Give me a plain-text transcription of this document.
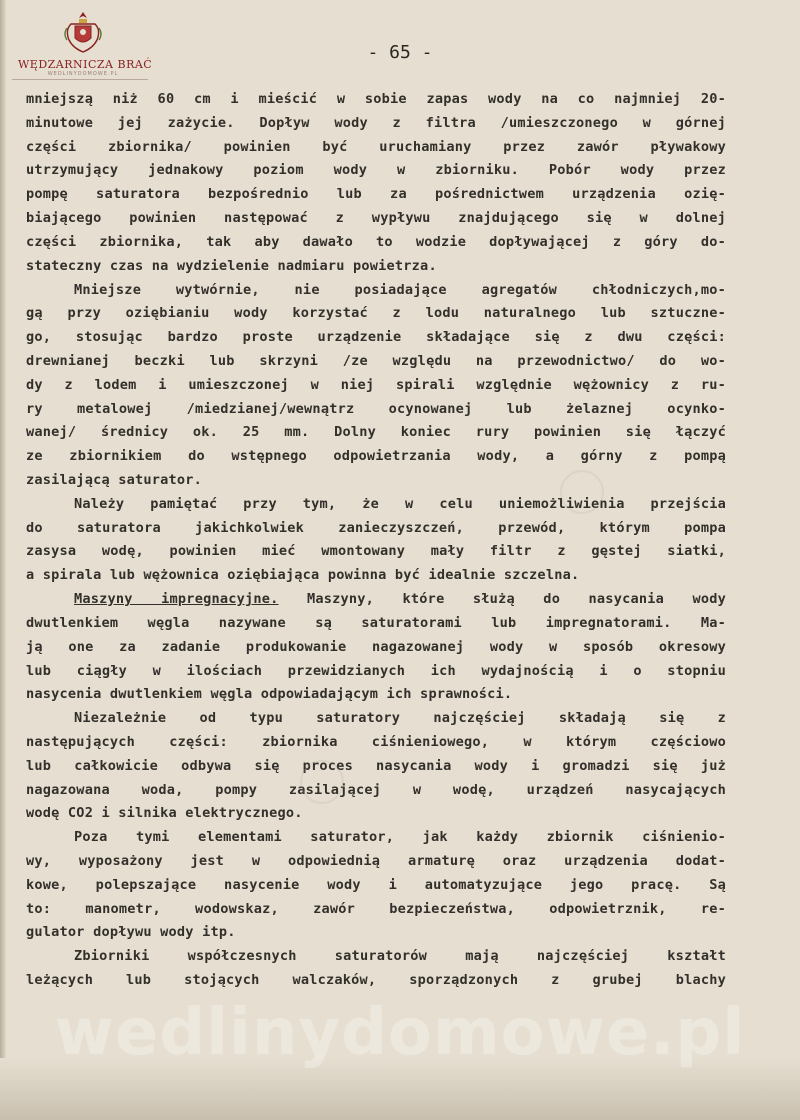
WĘDZARNICZA BRAĆ
WEDLINYDOMOWE.PL
- 65 -
mniejszą niż 60 cm i mieścić w sobie zapas wody na co najmniej 20-
minutowe jej zażycie. Dopływ wody z filtra /umieszczonego w górnej
części zbiornika/ powinien być uruchamiany przez zawór pływakowy
utrzymujący jednakowy poziom wody w zbiorniku. Pobór wody przez
pompę saturatora bezpośrednio lub za pośrednictwem urządzenia ozię-
biającego powinien następować z wypływu znajdującego się w dolnej
części zbiornika, tak aby dawało to wodzie dopływającej z góry do-
stateczny czas na wydzielenie nadmiaru powietrza.
Mniejsze wytwórnie, nie posiadające agregatów chłodniczych,mo-
gą przy oziębianiu wody korzystać z lodu naturalnego lub sztuczne-
go, stosując bardzo proste urządzenie składające się z dwu części:
drewnianej beczki lub skrzyni /ze względu na przewodnictwo/ do wo-
dy z lodem i umieszczonej w niej spirali względnie wężownicy z ru-
ry metalowej /miedzianej/wewnątrz ocynowanej lub żelaznej ocynko-
wanej/ średnicy ok. 25 mm. Dolny koniec rury powinien się łączyć
ze zbiornikiem do wstępnego odpowietrzania wody, a górny z pompą
zasilającą saturator.
Należy pamiętać przy tym, że w celu uniemożliwienia przejścia
do saturatora jakichkolwiek zanieczyszczeń, przewód, którym pompa
zasysa wodę, powinien mieć wmontowany mały filtr z gęstej siatki,
a spirala lub wężownica oziębiająca powinna być idealnie szczelna.
Maszyny impregnacyjne. Maszyny, które służą do nasycania wody
dwutlenkiem węgla nazywane są saturatorami lub impregnatorami. Ma-
ją one za zadanie produkowanie nagazowanej wody w sposób okresowy
lub ciągły w ilościach przewidzianych ich wydajnością i o stopniu
nasycenia dwutlenkiem węgla odpowiadającym ich sprawności.
Niezależnie od typu saturatory najczęściej składają się z
następujących części: zbiornika ciśnieniowego, w którym częściowo
lub całkowicie odbywa się proces nasycania wody i gromadzi się już
nagazowana woda, pompy zasilającej w wodę, urządzeń nasycających
wodę CO2 i silnika elektrycznego.
Poza tymi elementami saturator, jak każdy zbiornik ciśnienio-
wy, wyposażony jest w odpowiednią armaturę oraz urządzenia dodat-
kowe, polepszające nasycenie wody i automatyzujące jego pracę. Są
to: manometr, wodowskaz, zawór bezpieczeństwa, odpowietrznik, re-
gulator dopływu wody itp.
Zbiorniki współczesnych saturatorów mają najczęściej kształt
leżących lub stojących walczaków, sporządzonych z grubej blachy
wedlinydomowe.pl
